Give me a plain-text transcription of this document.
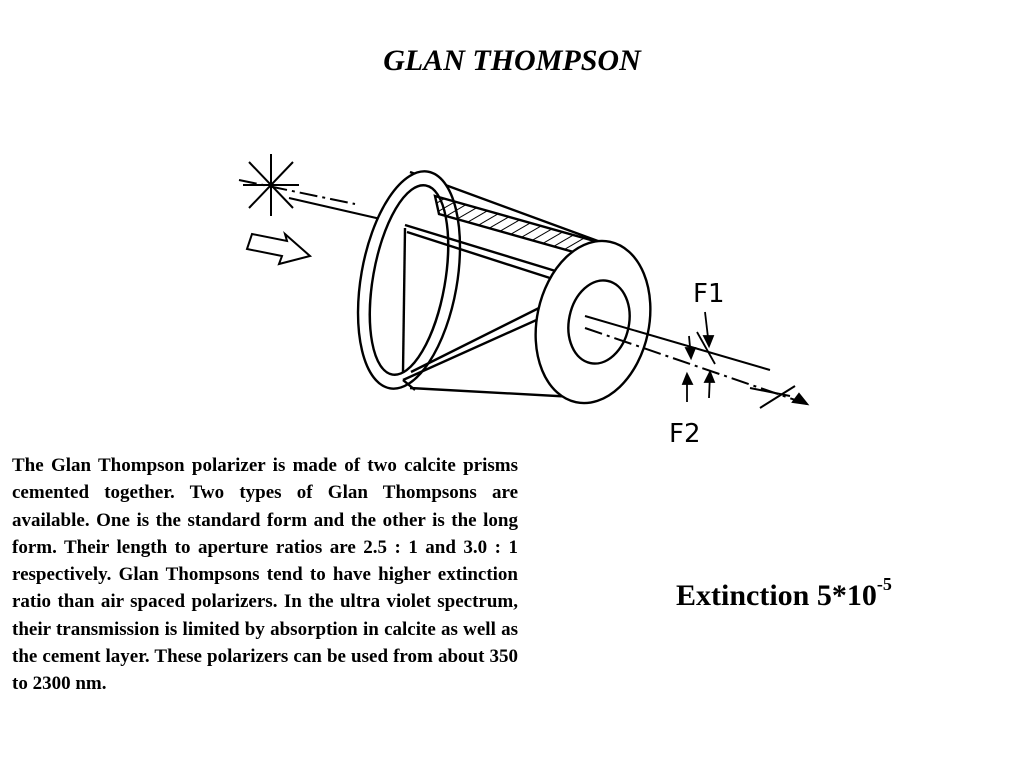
GLAN THOMPSON
F1
F2

The Glan Thompson polarizer is made of two calcite prisms cemented together. Two types of Glan Thompsons are available. One is the standard form and the other is the long form. Their length to aperture ratios are 2.5 : 1 and 3.0 : 1 respectively. Glan Thompsons tend to have higher extinction ratio than air spaced polarizers. In the ultra violet spectrum, their transmission is limited by absorption in calcite as well as the cement layer. These polarizers can be used from about 350 to 2300 nm.

Extinction $5*10^{-5}$
